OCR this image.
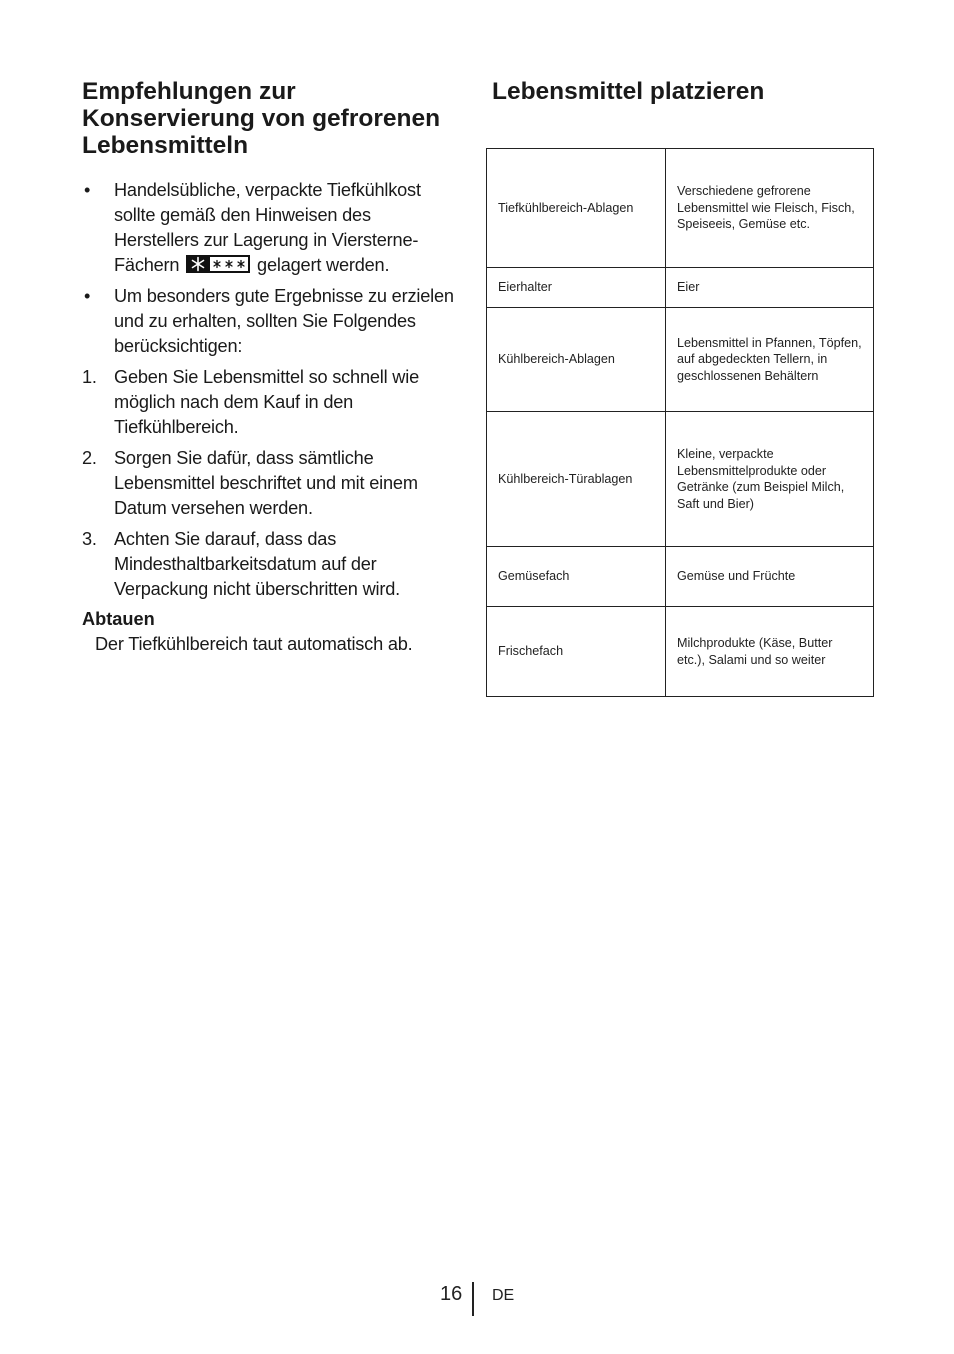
Empfehlungen zur Konservierung von gefrorenen Lebensmitteln
• Handelsübliche, verpackte Tiefkühlkost sollte gemäß den Hinweisen des Herstellers zur Lagerung in Viersterne-Fächern	gelagert werden.
• Um besonders gute Ergebnisse zu erzielen und zu erhalten, sollten Sie Folgendes berücksichtigen:
1. Geben Sie Lebensmittel so schnell wie möglich nach dem Kauf in den Tiefkühlbereich.
2. Sorgen Sie dafür, dass sämtliche Lebensmittel beschriftet und mit einem Datum versehen werden.
3. Achten Sie darauf, dass das Mindesthaltbarkeitsdatum auf der Verpackung nicht überschritten wird.
Abtauen

Der Tiefkühlbereich taut automatisch ab.

Lebensmittel platzieren
Tiefkühlbereich-Ablagen	Verschiedene gefrorene Lebensmittel wie Fleisch, Fisch, Speiseeis, Gemüse etc.
Eierhalter	Eier
Kühlbereich-Ablagen	Lebensmittel in Pfannen, Töpfen, auf abgedeckten Tellern, in geschlossenen Behältern
Kühlbereich-Türablagen	Kleine, verpackte Lebensmittelprodukte oder Getränke (zum Beispiel Milch, Saft und Bier)
Gemüsefach	Gemüse und Früchte
Frischefach	Milchprodukte (Käse, Butter etc.), Salami und so weiter
16 DE
